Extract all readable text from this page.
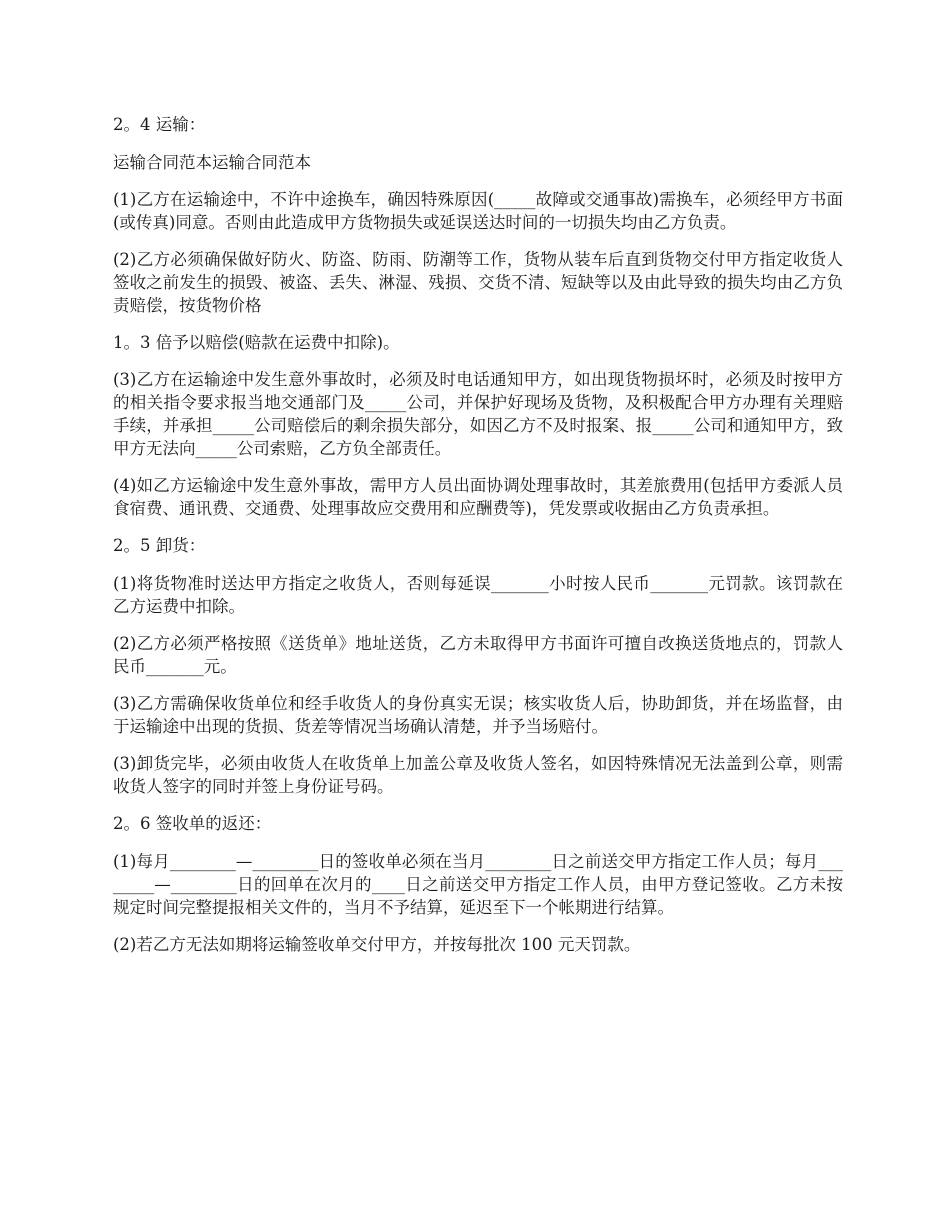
2。4 运输：

运输合同范本运输合同范本

(1)乙方在运输途中，不许中途换车，确因特殊原因(_____故障或交通事故)需换车，必须经甲方书面(或传真)同意。否则由此造成甲方货物损失或延误送达时间的一切损失均由乙方负责。

(2)乙方必须确保做好防火、防盗、防雨、防潮等工作，货物从装车后直到货物交付甲方指定收货人签收之前发生的损毁、被盗、丢失、淋湿、残损、交货不清、短缺等以及由此导致的损失均由乙方负责赔偿，按货物价格

1。3 倍予以赔偿(赔款在运费中扣除)。

(3)乙方在运输途中发生意外事故时，必须及时电话通知甲方，如出现货物损坏时，必须及时按甲方的相关指令要求报当地交通部门及_____公司，并保护好现场及货物，及积极配合甲方办理有关理赔手续，并承担_____公司赔偿后的剩余损失部分，如因乙方不及时报案、报_____公司和通知甲方，致甲方无法向_____公司索赔，乙方负全部责任。

(4)如乙方运输途中发生意外事故，需甲方人员出面协调处理事故时，其差旅费用(包括甲方委派人员食宿费、通讯费、交通费、处理事故应交费用和应酬费等)，凭发票或收据由乙方负责承担。

2。5 卸货：

(1)将货物准时送达甲方指定之收货人，否则每延误_______小时按人民币_______元罚款。该罚款在乙方运费中扣除。

(2)乙方必须严格按照《送货单》地址送货，乙方未取得甲方书面许可擅自改换送货地点的，罚款人民币_______元。

(3)乙方需确保收货单位和经手收货人的身份真实无误；核实收货人后，协助卸货，并在场监督，由于运输途中出现的货损、货差等情况当场确认清楚，并予当场赔付。

(3)卸货完毕，必须由收货人在收货单上加盖公章及收货人签名，如因特殊情况无法盖到公章，则需收货人签字的同时并签上身份证号码。

2。6 签收单的返还：

(1)每月________—________日的签收单必须在当月________日之前送交甲方指定工作人员；每月________—________日的回单在次月的____日之前送交甲方指定工作人员，由甲方登记签收。乙方未按规定时间完整提报相关文件的，当月不予结算，延迟至下一个帐期进行结算。

(2)若乙方无法如期将运输签收单交付甲方，并按每批次 100 元天罚款。
